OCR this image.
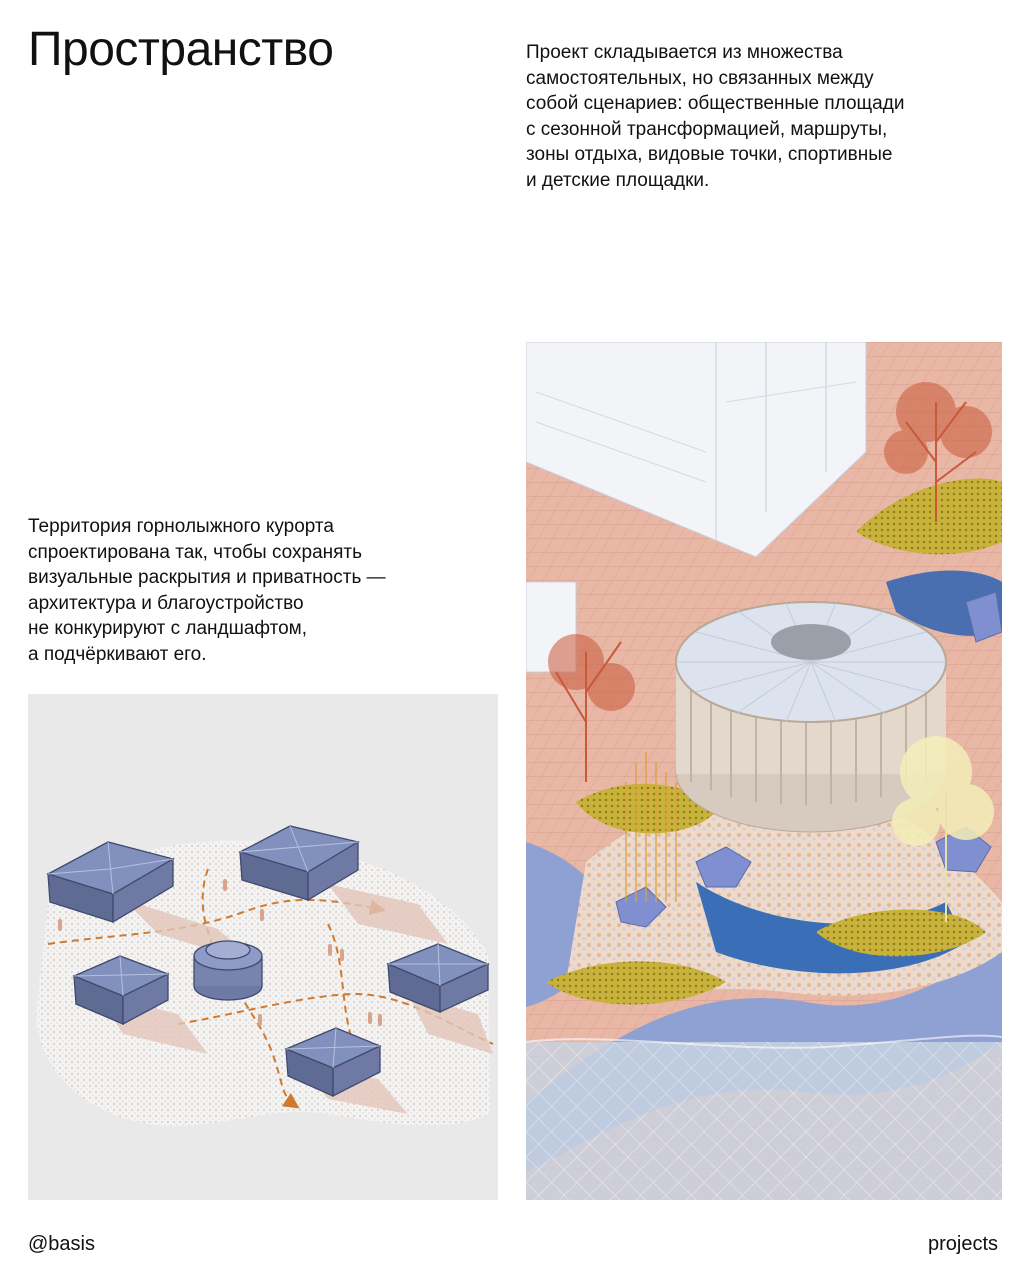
Пространство	Проект складывается из множества
самостоятельных, но связанных между
собой сценариев: общественные площади
с сезонной трансформацией, маршруты,
зоны отдыха, видовые точки, спортивные
и детские площадки.

Территория горнолыжного курорта
спроектирована так, чтобы сохранять
визуальные раскрытия и приватность —
архитектура и благоустройство
не конкурируют с ландшафтом,
а подчёркивают его.

@basis	projects
